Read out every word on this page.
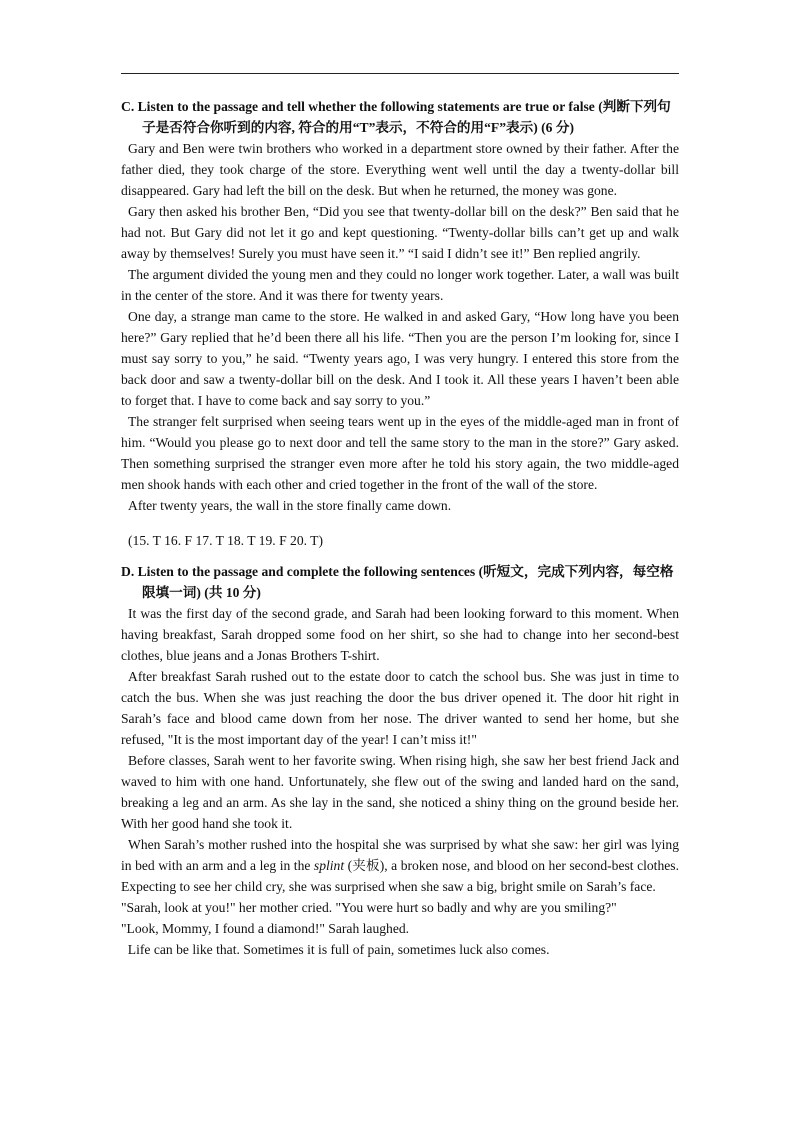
C. Listen to the passage and tell whether the following statements are true or false (判断下列句子是否符合你听到的内容, 符合的用“T”表示，不符合的用“F”表示) (6 分)

Gary and Ben were twin brothers who worked in a department store owned by their father. After the father died, they took charge of the store. Everything went well until the day a twenty-dollar bill disappeared. Gary had left the bill on the desk. But when he returned, the money was gone.

Gary then asked his brother Ben, “Did you see that twenty-dollar bill on the desk?” Ben said that he had not. But Gary did not let it go and kept questioning. “Twenty-dollar bills can’t get up and walk away by themselves! Surely you must have seen it.” “I said I didn’t see it!” Ben replied angrily.

The argument divided the young men and they could no longer work together. Later, a wall was built in the center of the store. And it was there for twenty years.

One day, a strange man came to the store. He walked in and asked Gary, “How long have you been here?” Gary replied that he’d been there all his life. “Then you are the person I’m looking for, since I must say sorry to you,” he said. “Twenty years ago, I was very hungry. I entered this store from the back door and saw a twenty-dollar bill on the desk. And I took it. All these years I haven’t been able to forget that. I have to come back and say sorry to you.”

The stranger felt surprised when seeing tears went up in the eyes of the middle-aged man in front of him. “Would you please go to next door and tell the same story to the man in the store?” Gary asked. Then something surprised the stranger even more after he told his story again, the two middle-aged men shook hands with each other and cried together in the front of the wall of the store.

After twenty years, the wall in the store finally came down.

(15. T 16. F 17. T 18. T 19. F 20. T)

D. Listen to the passage and complete the following sentences (听短文，完成下列内容，每空格限填一词) (共 10 分)

It was the first day of the second grade, and Sarah had been looking forward to this moment. When having breakfast, Sarah dropped some food on her shirt, so she had to change into her second-best clothes, blue jeans and a Jonas Brothers T-shirt.

After breakfast Sarah rushed out to the estate door to catch the school bus. She was just in time to catch the bus. When she was just reaching the door the bus driver opened it. The door hit right in Sarah’s face and blood came down from her nose. The driver wanted to send her home, but she refused, "It is the most important day of the year! I can’t miss it!"

Before classes, Sarah went to her favorite swing. When rising high, she saw her best friend Jack and waved to him with one hand. Unfortunately, she flew out of the swing and landed hard on the sand, breaking a leg and an arm. As she lay in the sand, she noticed a shiny thing on the ground beside her. With her good hand she took it.

When Sarah’s mother rushed into the hospital she was surprised by what she saw: her girl was lying in bed with an arm and a leg in the splint (夹板), a broken nose, and blood on her second-best clothes. Expecting to see her child cry, she was surprised when she saw a big, bright smile on Sarah’s face.

"Sarah, look at you!" her mother cried. "You were hurt so badly and why are you smiling?"

"Look, Mommy, I found a diamond!" Sarah laughed.

Life can be like that. Sometimes it is full of pain, sometimes luck also comes.
